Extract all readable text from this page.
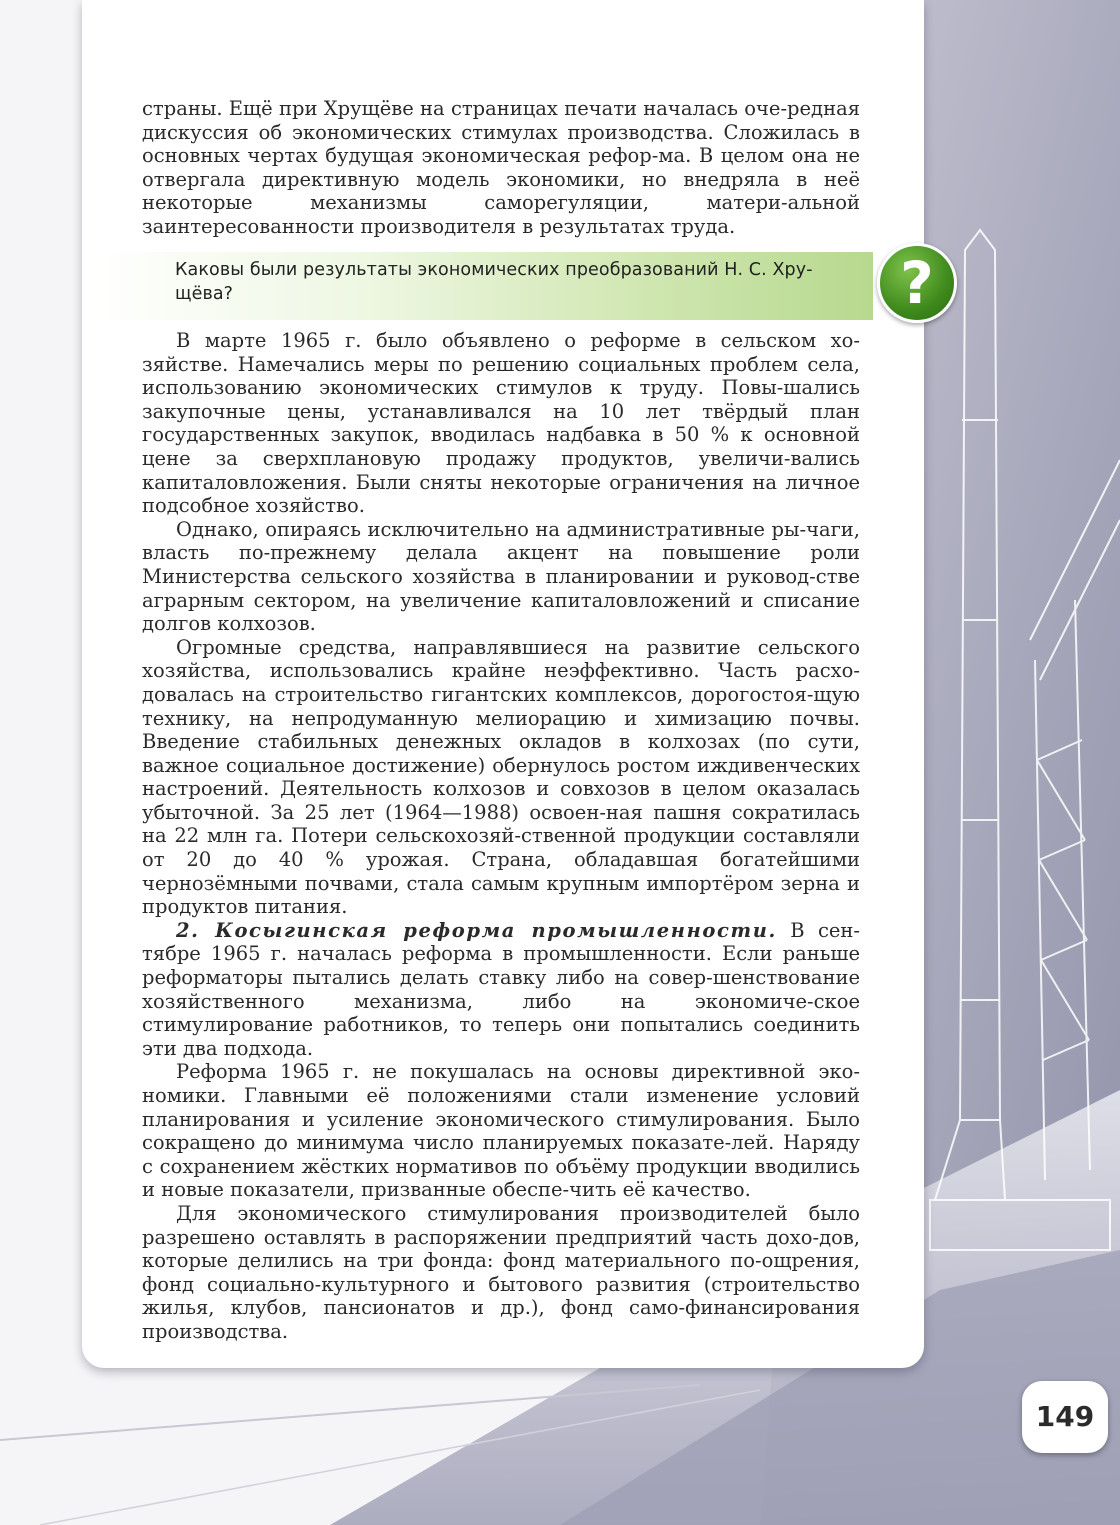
страны. Ещё при Хрущёве на страницах печати началась оче-редная дискуссия об экономических стимулах производства. Сложилась в основных чертах будущая экономическая рефор-ма. В целом она не отвергала директивную модель экономики, но внедряла в неё некоторые механизмы саморегуляции, матери-альной заинтересованности производителя в результатах труда.

Каковы были результаты экономических преобразований Н. С. Хру-щёва?	?

В марте 1965 г. было объявлено о реформе в сельском хо-зяйстве. Намечались меры по решению социальных проблем села, использованию экономических стимулов к труду. Повы-шались закупочные цены, устанавливался на 10 лет твёрдый план государственных закупок, вводилась надбавка в 50 % к основной цене за сверхплановую продажу продуктов, увеличи-вались капиталовложения. Были сняты некоторые ограничения на личное подсобное хозяйство.

Однако, опираясь исключительно на административные ры-чаги, власть по-прежнему делала акцент на повышение роли Министерства сельского хозяйства в планировании и руковод-стве аграрным сектором, на увеличение капиталовложений и списание долгов колхозов.

Огромные средства, направлявшиеся на развитие сельского хозяйства, использовались крайне неэффективно. Часть расхо-довалась на строительство гигантских комплексов, дорогостоя-щую технику, на непродуманную мелиорацию и химизацию почвы. Введение стабильных денежных окладов в колхозах (по сути, важное социальное достижение) обернулось ростом иждивенческих настроений. Деятельность колхозов и совхозов в целом оказалась убыточной. За 25 лет (1964—1988) освоен-ная пашня сократилась на 22 млн га. Потери сельскохозяй-ственной продукции составляли от 20 до 40 % урожая. Страна, обладавшая богатейшими чернозёмными почвами, стала самым крупным импортёром зерна и продуктов питания.

2. Косыгинская реформа промышленности. В сен-тябре 1965 г. началась реформа в промышленности. Если раньше реформаторы пытались делать ставку либо на совер-шенствование хозяйственного механизма, либо на экономиче-ское стимулирование работников, то теперь они попытались соединить эти два подхода.

Реформа 1965 г. не покушалась на основы директивной эко-номики. Главными её положениями стали изменение условий планирования и усиление экономического стимулирования. Было сокращено до минимума число планируемых показате-лей. Наряду с сохранением жёстких нормативов по объёму продукции вводились и новые показатели, призванные обеспе-чить её качество.

Для экономического стимулирования производителей было разрешено оставлять в распоряжении предприятий часть дохо-дов, которые делились на три фонда: фонд материального по-ощрения, фонд социально-культурного и бытового развития (строительство жилья, клубов, пансионатов и др.), фонд само-финансирования производства.

149
